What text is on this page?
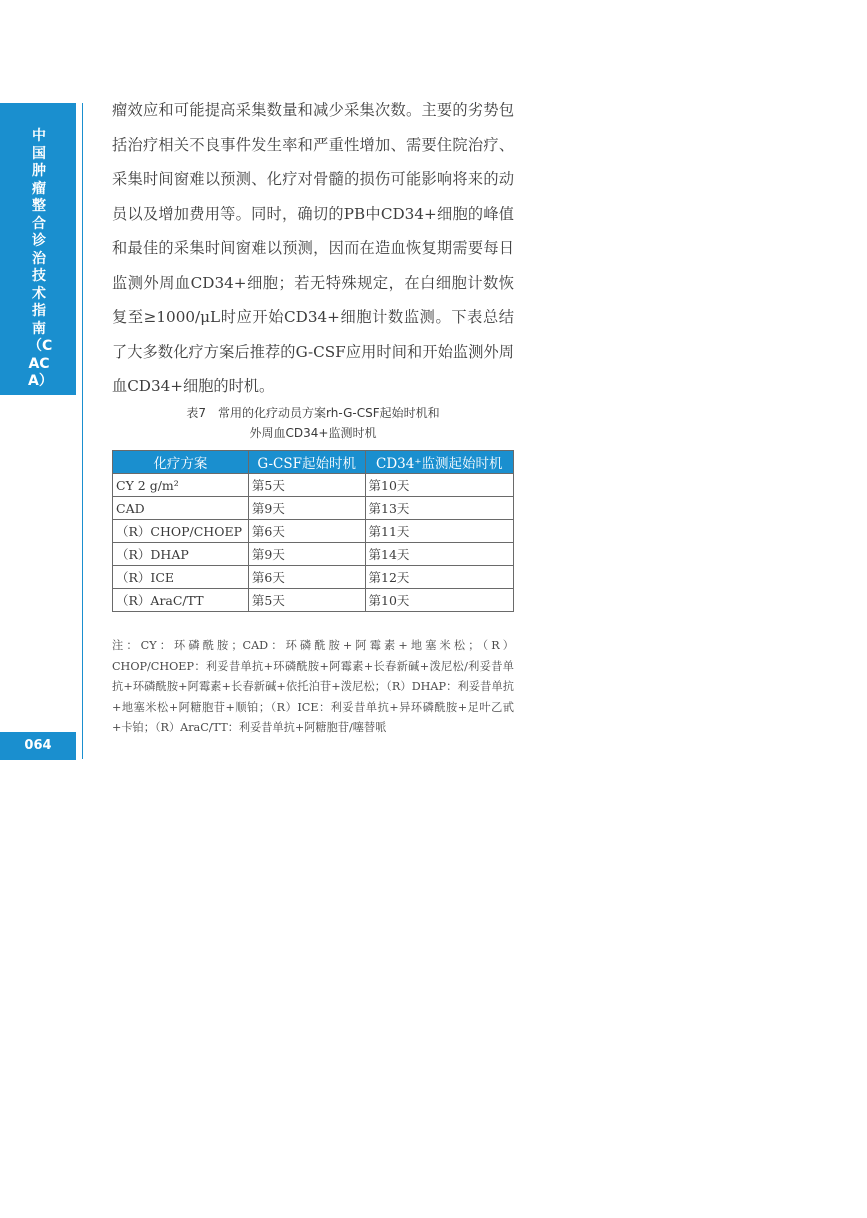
中国肿瘤整合诊治技术指南（CACA）
064

瘤效应和可能提高采集数量和减少采集次数。主要的劣势包括治疗相关不良事件发生率和严重性增加、需要住院治疗、采集时间窗难以预测、化疗对骨髓的损伤可能影响将来的动员以及增加费用等。同时，确切的PB中CD34+细胞的峰值和最佳的采集时间窗难以预测，因而在造血恢复期需要每日监测外周血CD34+细胞；若无特殊规定，在白细胞计数恢复至≥1000/μL时应开始CD34+细胞计数监测。下表总结了大多数化疗方案后推荐的G-CSF应用时间和开始监测外周血CD34+细胞的时机。

表7　常用的化疗动员方案rh-G-CSF起始时机和
外周血CD34+监测时机
化疗方案	G-CSF起始时机	CD34⁺监测起始时机
CY 2 g/m²	第5天	第10天
CAD	第9天	第13天
（R）CHOP/CHOEP	第6天	第11天
（R）DHAP	第9天	第14天
（R）ICE	第6天	第12天
（R）AraC/TT	第5天	第10天

注：CY：环磷酰胺；CAD：环磷酰胺+阿霉素+地塞米松；（R）CHOP/CHOEP：利妥昔单抗+环磷酰胺+阿霉素+长春新碱+泼尼松/利妥昔单抗+环磷酰胺+阿霉素+长春新碱+依托泊苷+泼尼松；（R）DHAP：利妥昔单抗+地塞米松+阿糖胞苷+顺铂；（R）ICE：利妥昔单抗+异环磷酰胺+足叶乙甙+卡铂；（R）AraC/TT：利妥昔单抗+阿糖胞苷/噻替哌
